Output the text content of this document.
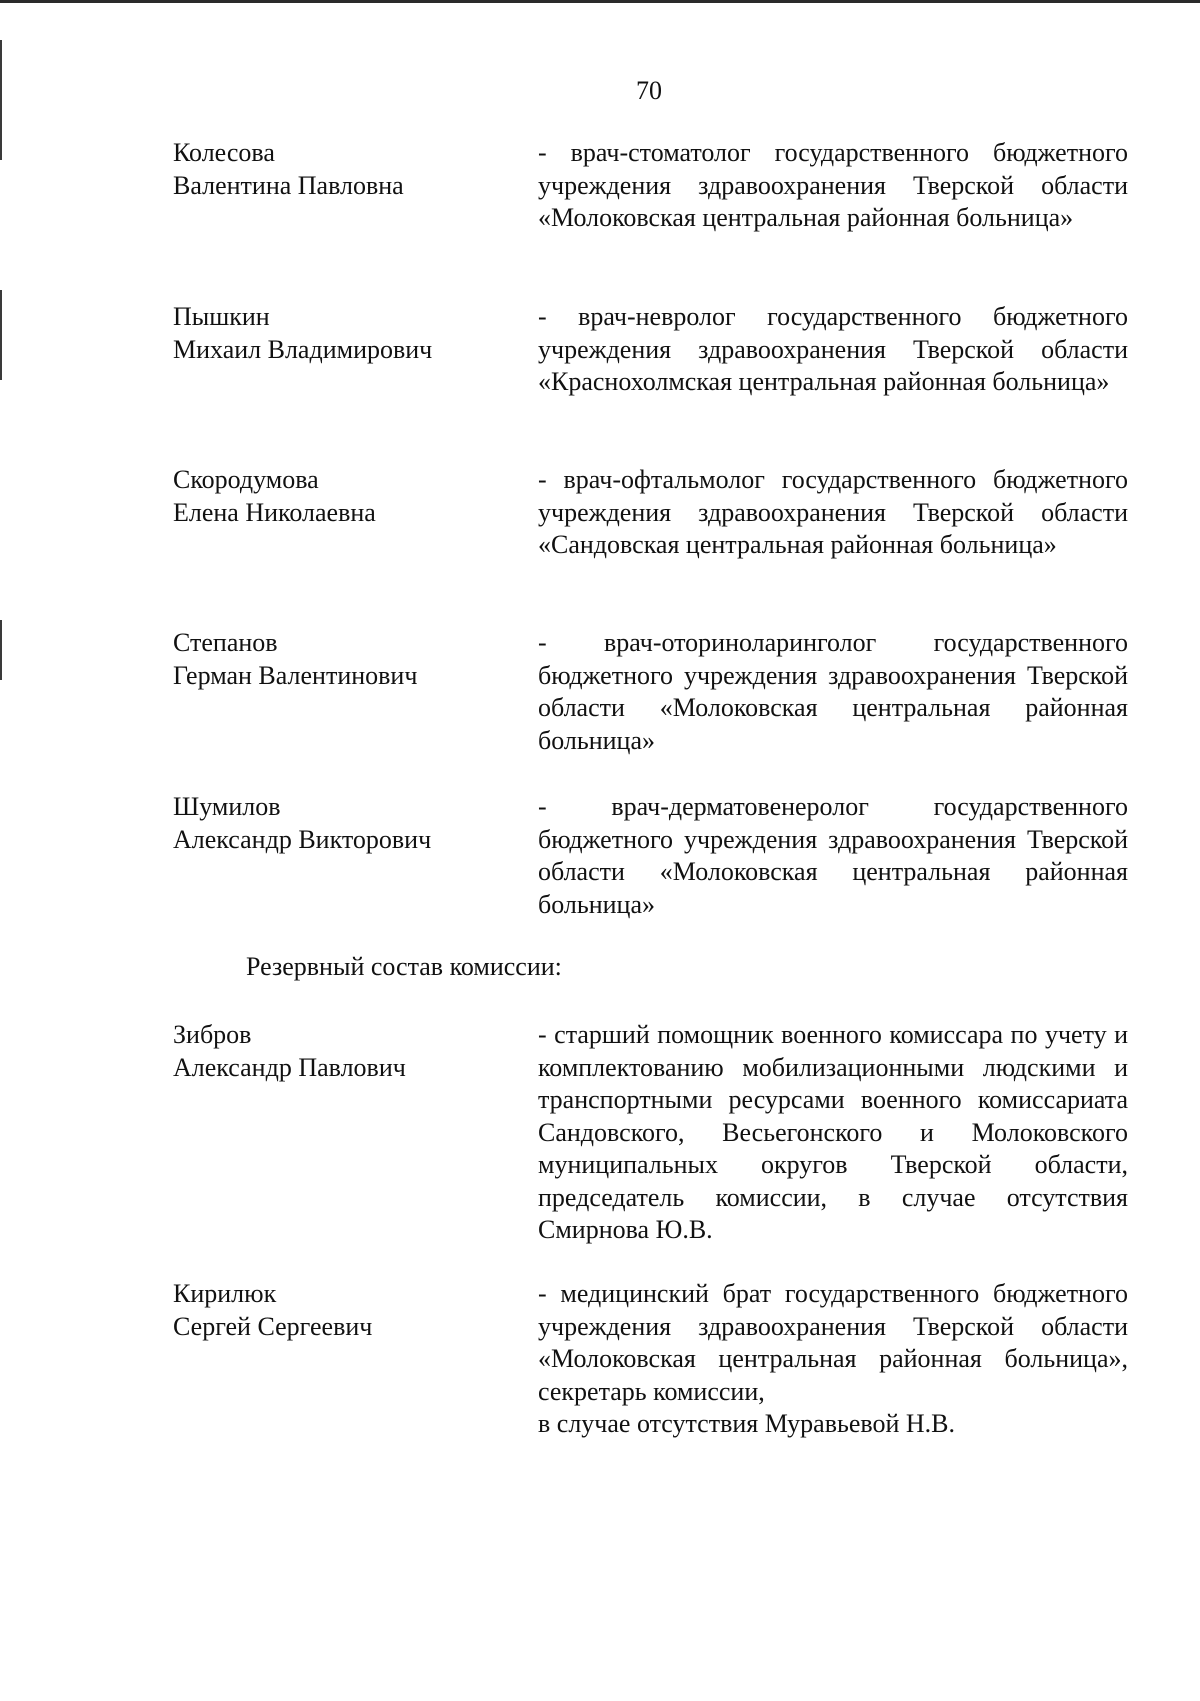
70
Колесова
Валентина Павловна
- врач-стоматолог государственного бюджетного учреждения здравоохранения Тверской области «Молоковская центральная районная больница»
Пышкин
Михаил Владимирович
- врач-невролог государственного бюджетного учреждения здравоохранения Тверской области «Краснохолмская центральная районная больница»
Скородумова
Елена Николаевна
- врач-офтальмолог государственного бюджетного учреждения здравоохранения Тверской области «Сандовская центральная районная больница»
Степанов
Герман Валентинович
- врач-оториноларинголог государственного бюджетного учреждения здравоохранения Тверской области «Молоковская центральная районная больница»
Шумилов
Александр Викторович
- врач-дерматовенеролог государственного бюджетного учреждения здравоохранения Тверской области «Молоковская центральная районная больница»
Резервный состав комиссии:
Зибров
Александр Павлович
- старший помощник военного комиссара по учету и комплектованию мобилизационными людскими и транспортными ресурсами военного комиссариата Сандовского, Весьегонского и Молоковского муниципальных округов Тверской области, председатель комиссии, в случае отсутствия Смирнова Ю.В.
Кирилюк
Сергей Сергеевич
- медицинский брат государственного бюджетного учреждения здравоохранения Тверской области «Молоковская центральная районная больница», секретарь комиссии,
в случае отсутствия Муравьевой Н.В.
